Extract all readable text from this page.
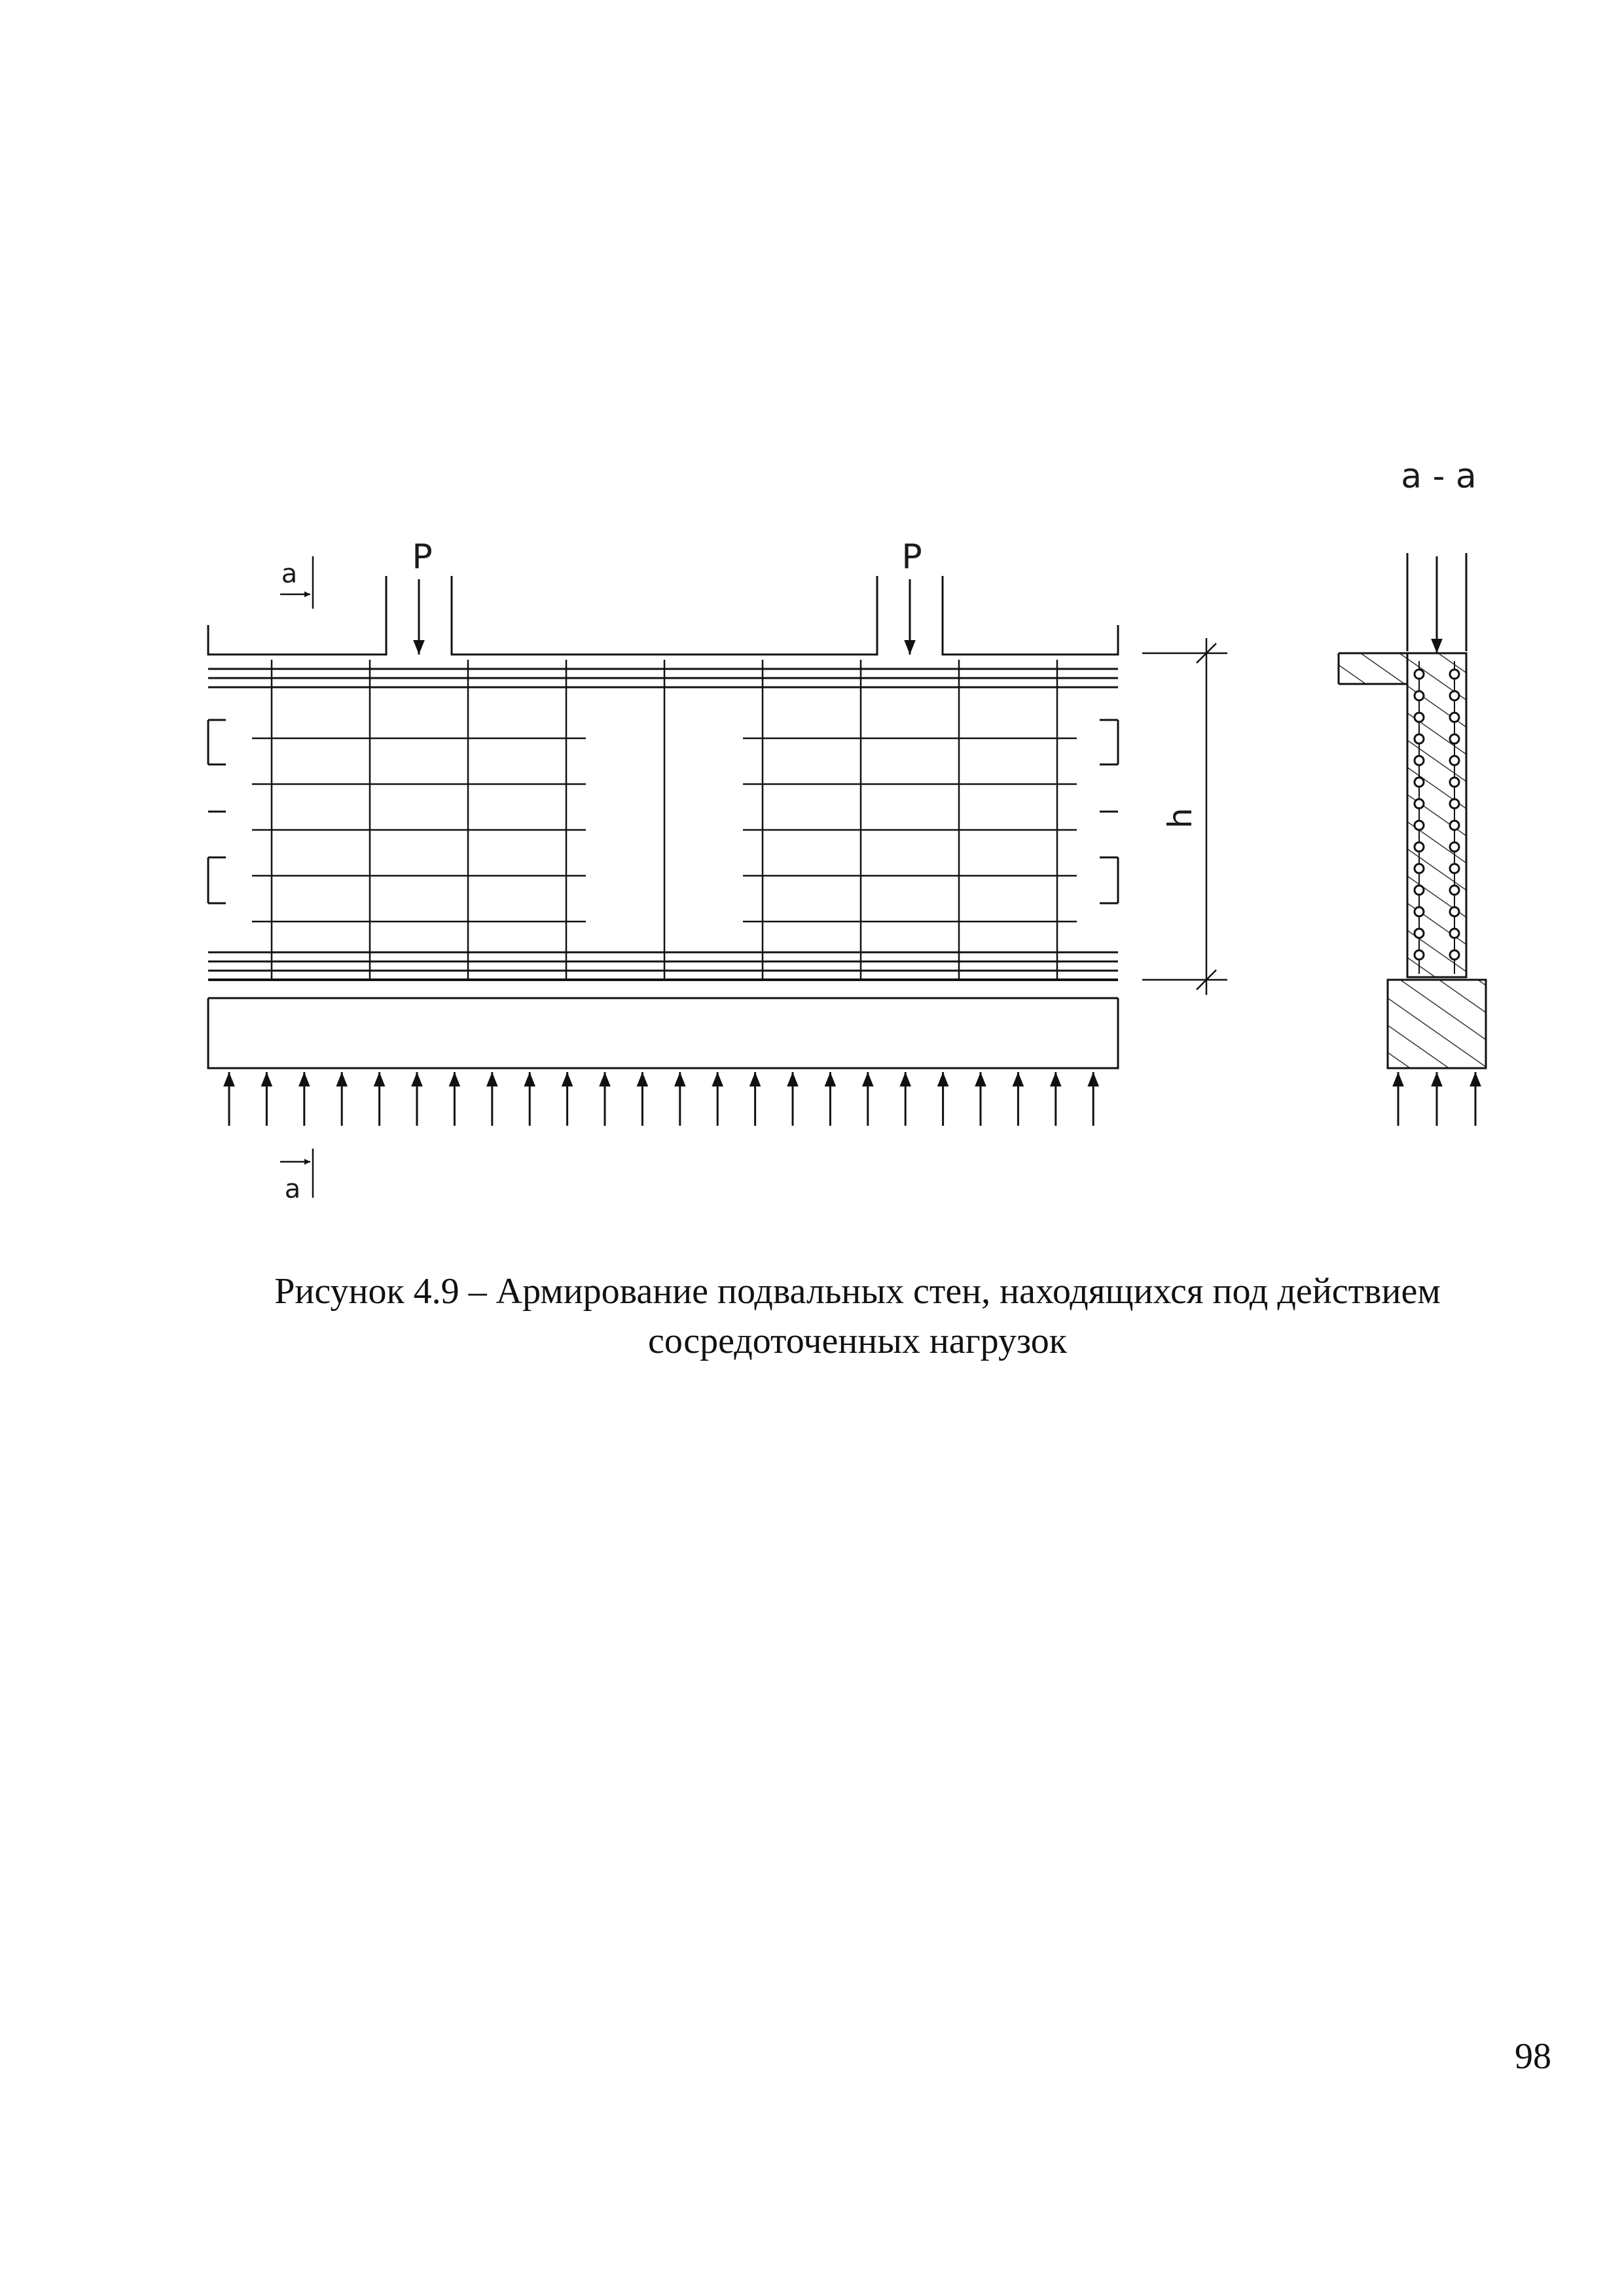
P	P
a
a
h
a - a
Рисунок 4.9 – Армирование подвальных стен, находящихся под действием
сосредоточенных нагрузок
98
